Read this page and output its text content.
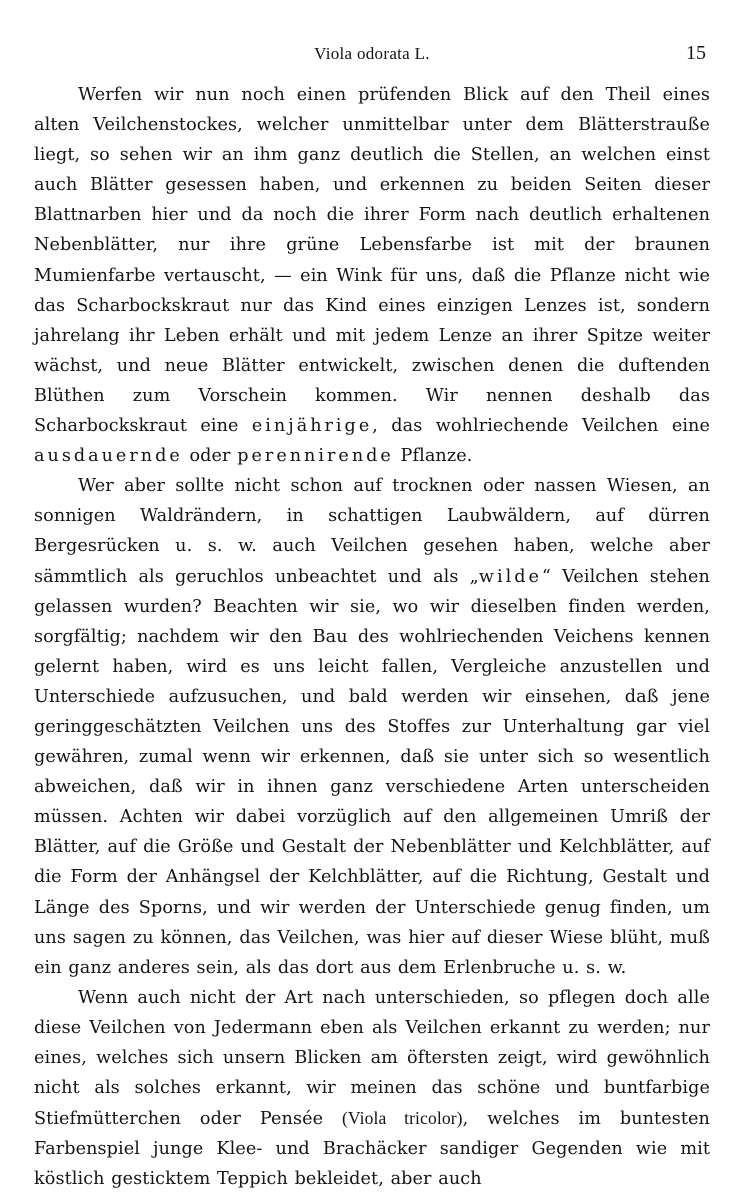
Viola odorata L.	15

Werfen wir nun noch einen prüfenden Blick auf den Theil eines alten Veilchenstockes, welcher unmittelbar unter dem Blätterstrauße liegt, so sehen wir an ihm ganz deutlich die Stellen, an welchen einst auch Blätter gesessen haben, und erkennen zu beiden Seiten dieser Blattnarben hier und da noch die ihrer Form nach deutlich erhaltenen Nebenblätter, nur ihre grüne Lebensfarbe ist mit der braunen Mumienfarbe vertauscht, — ein Wink für uns, daß die Pflanze nicht wie das Scharbockskraut nur das Kind eines einzigen Lenzes ist, sondern jahrelang ihr Leben erhält und mit jedem Lenze an ihrer Spitze weiter wächst, und neue Blätter entwickelt, zwischen denen die duftenden Blüthen zum Vorschein kommen. Wir nennen deshalb das Scharbockskraut eine einjährige, das wohlriechende Veilchen eine ausdauernde oder perennirende Pflanze.

Wer aber sollte nicht schon auf trocknen oder nassen Wiesen, an sonnigen Waldrändern, in schattigen Laubwäldern, auf dürren Bergesrücken u. s. w. auch Veilchen gesehen haben, welche aber sämmtlich als geruchlos unbeachtet und als „wilde“ Veilchen stehen gelassen wurden? Beachten wir sie, wo wir dieselben finden werden, sorgfältig; nachdem wir den Bau des wohlriechenden Veichens kennen gelernt haben, wird es uns leicht fallen, Vergleiche anzustellen und Unterschiede aufzusuchen, und bald werden wir einsehen, daß jene geringgeschätzten Veilchen uns des Stoffes zur Unterhaltung gar viel gewähren, zumal wenn wir erkennen, daß sie unter sich so wesentlich abweichen, daß wir in ihnen ganz verschiedene Arten unterscheiden müssen. Achten wir dabei vorzüglich auf den allgemeinen Umriß der Blätter, auf die Größe und Gestalt der Nebenblätter und Kelchblätter, auf die Form der Anhängsel der Kelchblätter, auf die Richtung, Gestalt und Länge des Sporns, und wir werden der Unterschiede genug finden, um uns sagen zu können, das Veilchen, was hier auf dieser Wiese blüht, muß ein ganz anderes sein, als das dort aus dem Erlenbruche u. s. w.

Wenn auch nicht der Art nach unterschieden, so pflegen doch alle diese Veilchen von Jedermann eben als Veilchen erkannt zu werden; nur eines, welches sich unsern Blicken am öftersten zeigt, wird gewöhnlich nicht als solches erkannt, wir meinen das schöne und buntfarbige Stiefmütterchen oder Pensée (Viola tricolor), welches im buntesten Farbenspiel junge Klee- und Brachäcker sandiger Gegenden wie mit köstlich gesticktem Teppich bekleidet, aber auch
